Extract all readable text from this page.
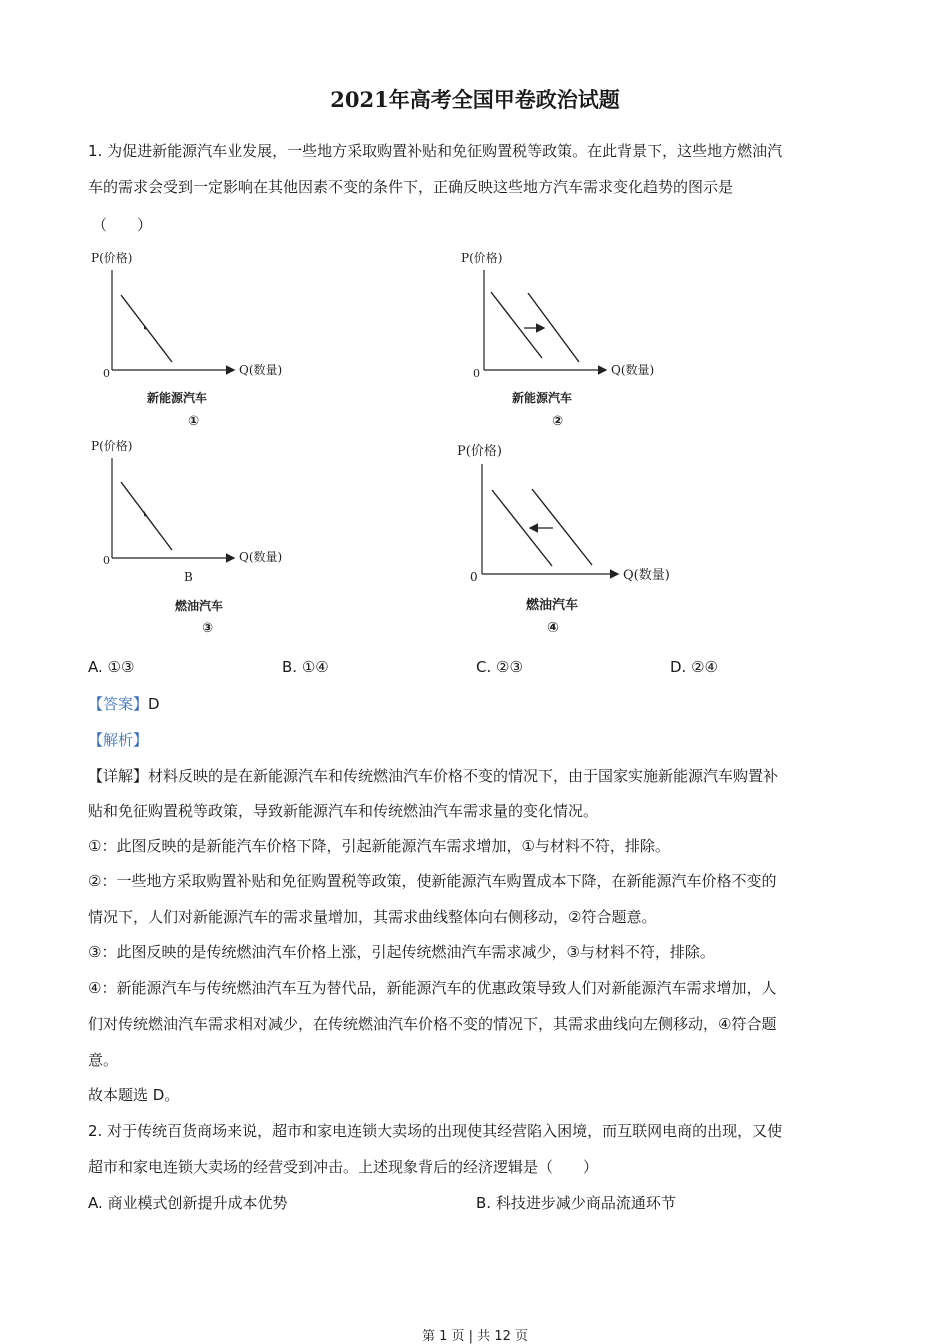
2021年高考全国甲卷政治试题
1. 为促进新能源汽车业发展，一些地方采取购置补贴和免征购置税等政策。在此背景下，这些地方燃油汽
车的需求会受到一定影响在其他因素不变的条件下，正确反映这些地方汽车需求变化趋势的图示是
（　　）
P(价格)
0	Q(数量)
新能源汽车
①
P(价格)
0	Q(数量)
新能源汽车
②
P(价格)
0	Q(数量)
B
燃油汽车
③
P(价格)
0	Q(数量)
燃油汽车
④
A. ①③	B. ①④	C. ②③	D. ②④
【答案】D
【解析】
【详解】材料反映的是在新能源汽车和传统燃油汽车价格不变的情况下，由于国家实施新能源汽车购置补
贴和免征购置税等政策，导致新能源汽车和传统燃油汽车需求量的变化情况。
①：此图反映的是新能汽车价格下降，引起新能源汽车需求增加，①与材料不符，排除。
②：一些地方采取购置补贴和免征购置税等政策，使新能源汽车购置成本下降，在新能源汽车价格不变的
情况下，人们对新能源汽车的需求量增加，其需求曲线整体向右侧移动，②符合题意。
③：此图反映的是传统燃油汽车价格上涨，引起传统燃油汽车需求减少，③与材料不符，排除。
④：新能源汽车与传统燃油汽车互为替代品，新能源汽车的优惠政策导致人们对新能源汽车需求增加，人
们对传统燃油汽车需求相对减少，在传统燃油汽车价格不变的情况下，其需求曲线向左侧移动，④符合题
意。
故本题选 D。
2. 对于传统百货商场来说，超市和家电连锁大卖场的出现使其经营陷入困境，而互联网电商的出现，又使
超市和家电连锁大卖场的经营受到冲击。上述现象背后的经济逻辑是（　　）
A. 商业模式创新提升成本优势	B. 科技进步减少商品流通环节
第 1 页 | 共 12 页
